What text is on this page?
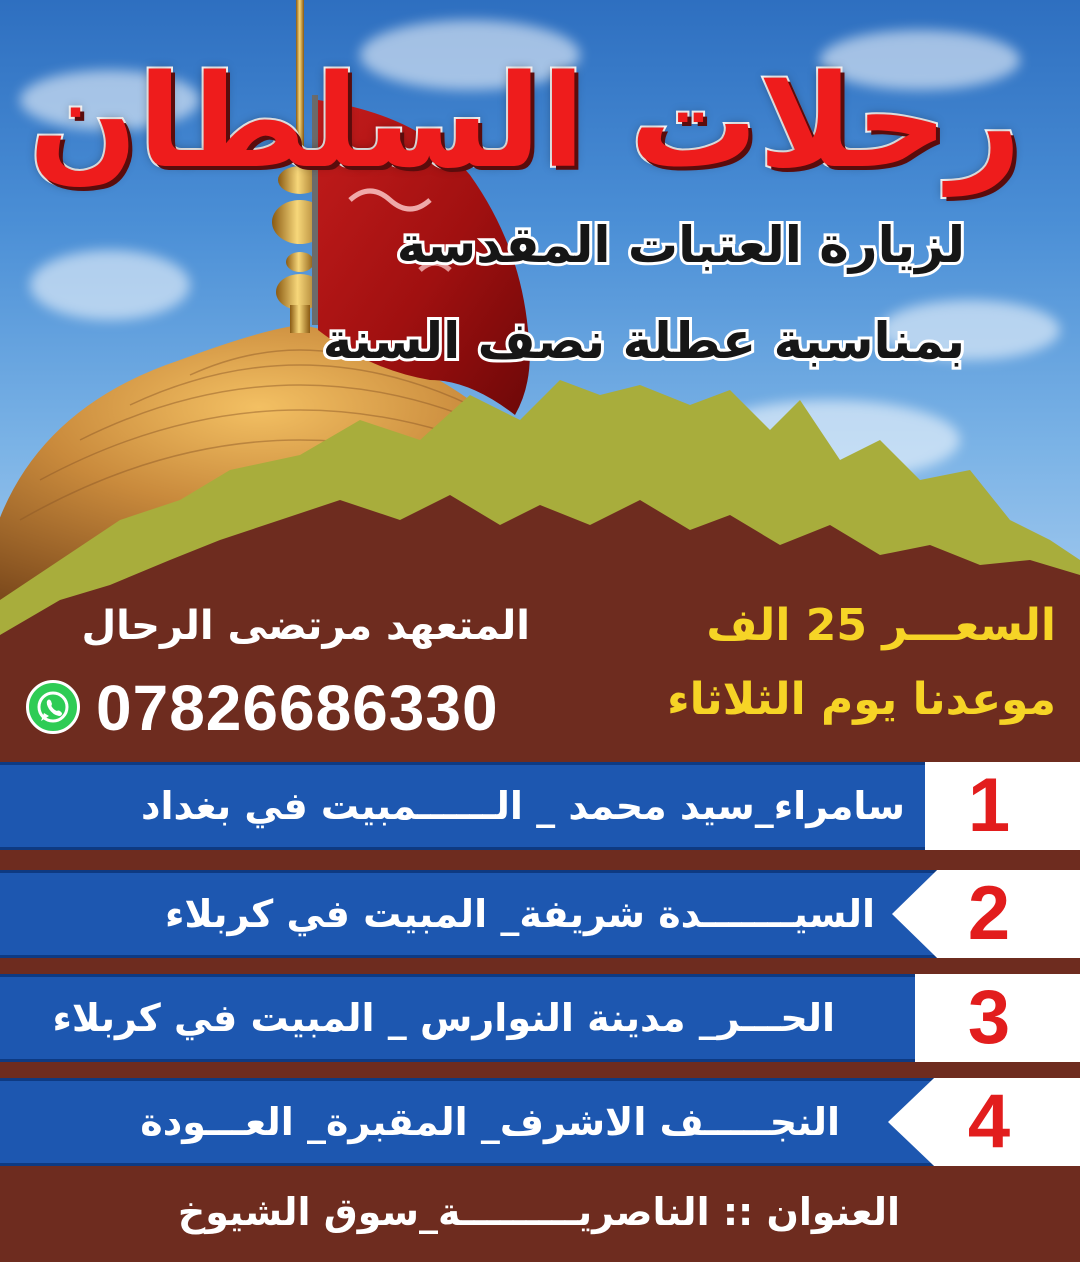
رحلات السلطان
لزيارة العتبات المقدسة
بمناسبة عطلة نصف السنة
المتعهد مرتضى الرحال
07826686330
السعـــر 25 الف
موعدنا يوم الثلاثاء
1
سامراء_سيد محمد _ الــــــمبيت في بغداد
2
السيـــــــدة شريفة_ المبيت في كربلاء
3
الحـــر_ مدينة النوارس _ المبيت في كربلاء
4
النجـــــف الاشرف_ المقبرة_ العـــودة
العنوان :: الناصريـــــــــة_سوق الشيوخ
